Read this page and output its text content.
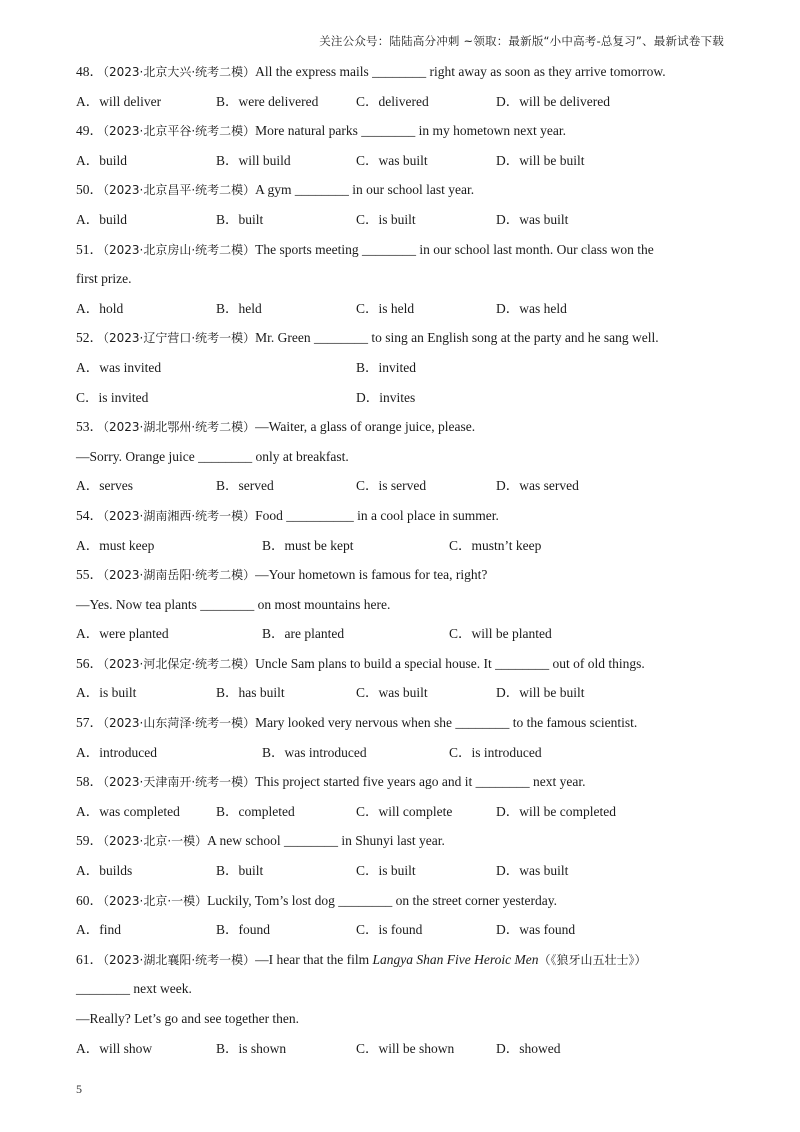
关注公众号：陆陆高分冲刺 ~领取：最新版“小中高考-总复习”、最新试卷下载
48．（2023·北京大兴·统考二模）All the express mails ________ right away as soon as they arrive tomorrow.
A．will deliver	B．were delivered	C．delivered	D．will be delivered
49．（2023·北京平谷·统考二模）More natural parks ________ in my hometown next year.
A．build	B．will build	C．was built	D．will be built
50．（2023·北京昌平·统考二模）A gym ________ in our school last year.
A．build	B．built	C．is built	D．was built
51．（2023·北京房山·统考二模）The sports meeting ________ in our school last month. Our class won the
first prize.
A．hold	B．held	C．is held	D．was held
52．（2023·辽宁营口·统考一模）Mr. Green ________ to sing an English song at the party and he sang well.
A．was invited	B．invited
C．is invited	D．invites
53．（2023·湖北鄂州·统考二模）—Waiter, a glass of orange juice, please.
—Sorry. Orange juice ________ only at breakfast.
A．serves	B．served	C．is served	D．was served
54．（2023·湖南湘西·统考一模）Food __________ in a cool place in summer.
A．must keep	B．must be kept	C．mustn’t keep
55．（2023·湖南岳阳·统考二模）—Your hometown is famous for tea, right?
—Yes. Now tea plants ________ on most mountains here.
A．were planted	B．are planted	C．will be planted
56．（2023·河北保定·统考二模）Uncle Sam plans to build a special house. It ________ out of old things.
A．is built	B．has built	C．was built	D．will be built
57．（2023·山东菏泽·统考一模）Mary looked very nervous when she ________ to the famous scientist.
A．introduced	B．was introduced	C．is introduced
58．（2023·天津南开·统考一模）This project started five years ago and it ________ next year.
A．was completed	B．completed	C．will complete	D．will be completed
59．（2023·北京·一模）A new school ________ in Shunyi last year.
A．builds	B．built	C．is built	D．was built
60．（2023·北京·一模）Luckily, Tom’s lost dog ________ on the street corner yesterday.
A．find	B．found	C．is found	D．was found
61．（2023·湖北襄阳·统考一模）—I hear that the film Langya Shan Five Heroic Men（《狼牙山五壮士》）
________ next week.
—Really? Let’s go and see together then.
A．will show	B．is shown	C．will be shown	D．showed
5
